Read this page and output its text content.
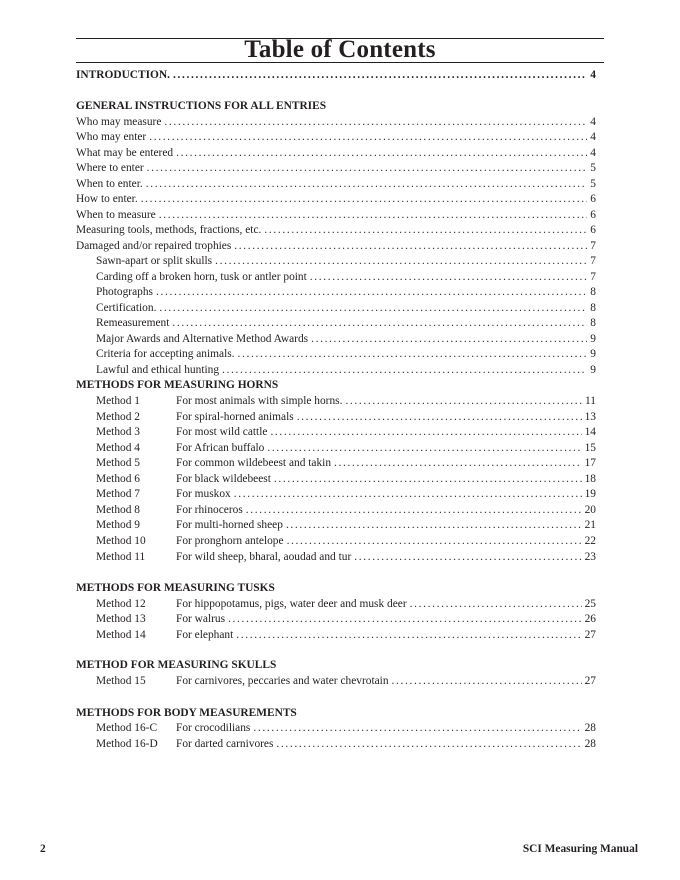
Table of Contents
INTRODUCTION. . . .	4
GENERAL INSTRUCTIONS FOR ALL ENTRIES
Who may measure . . .	4
Who may enter . . .	4
What may be entered . . .	4
Where to enter . . .	5
When to enter. . . .	5
How to enter. . . .	6
When to measure . . .	6
Measuring tools, methods, fractions, etc. . . .	6
Damaged and/or repaired trophies . . .	7
Sawn-apart or split skulls . . .	7
Carding off a broken horn, tusk or antler point . . .	7
Photographs . . .	8
Certification. . . .	8
Remeasurement . . .	8
Major Awards and Alternative Method Awards . . .	9
Criteria for accepting animals. . . .	9
Lawful and ethical hunting . . .	9
METHODS FOR MEASURING HORNS
Method 1	For most animals with simple horns. . . .	11
Method 2	For spiral-horned animals . . .	13
Method 3	For most wild cattle . . .	14
Method 4	For African buffalo . . .	15
Method 5	For common wildebeest and takin . . .	17
Method 6	For black wildebeest . . .	18
Method 7	For muskox . . .	19
Method 8	For rhinoceros . . .	20
Method 9	For multi-horned sheep . . .	21
Method 10	For pronghorn antelope . . .	22
Method 11	For wild sheep, bharal, aoudad and tur . . .	23
METHODS FOR MEASURING TUSKS
Method 12	For hippopotamus, pigs, water deer and musk deer . . .	25
Method 13	For walrus . . .	26
Method 14	For elephant . . .	27
METHOD FOR MEASURING SKULLS
Method 15	For carnivores, peccaries and water chevrotain . . .	27
METHODS FOR BODY MEASUREMENTS
Method 16-C	For crocodilians . . .	28
Method 16-D	For darted carnivores . . .	28
2	SCI Measuring Manual
